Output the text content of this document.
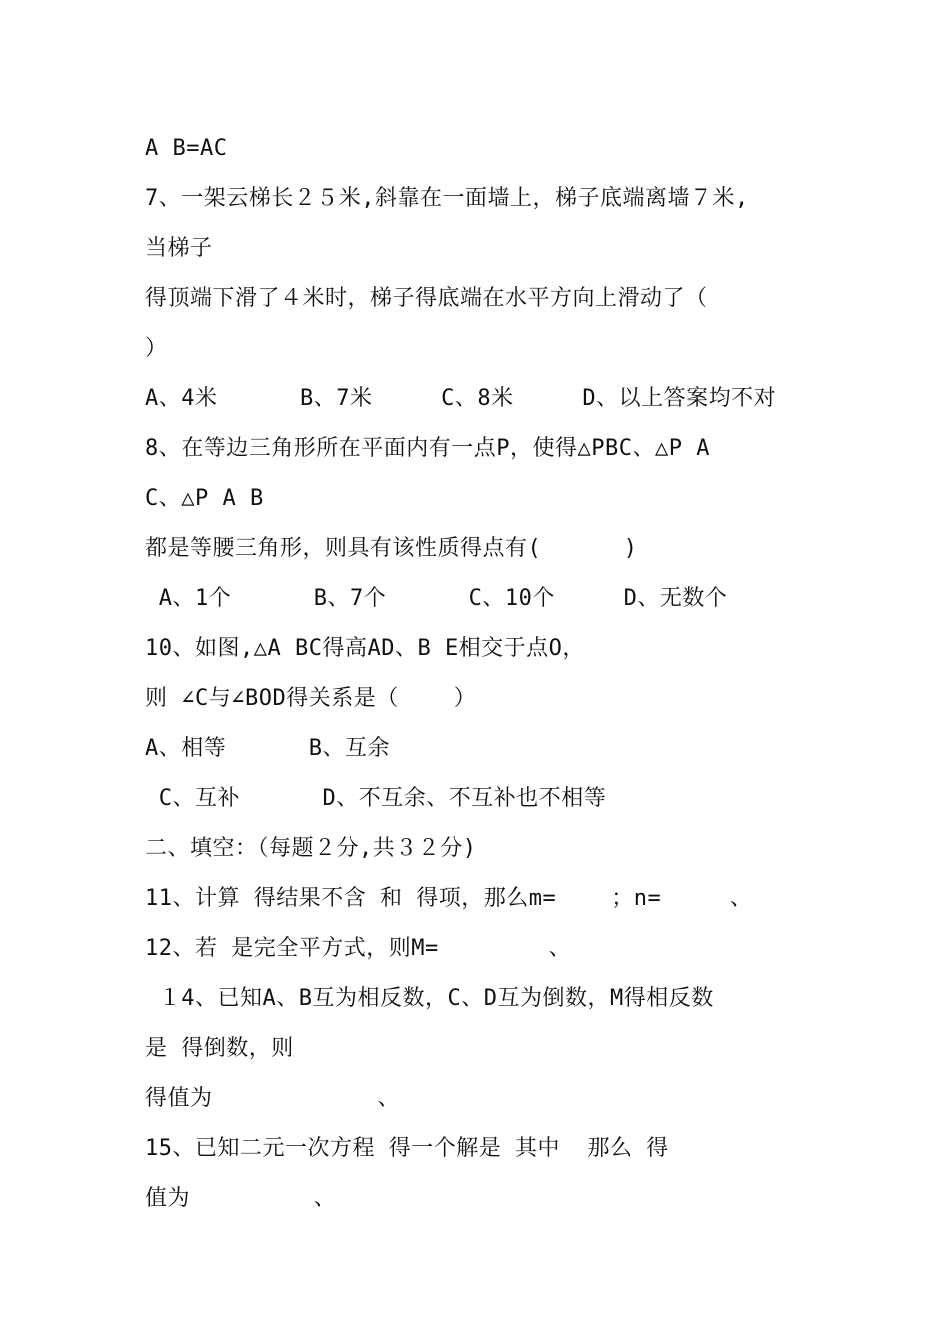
A B=AC
7、一架云梯长２５米,斜靠在一面墙上，梯子底端离墙７米,
当梯子
得顶端下滑了４米时，梯子得底端在水平方向上滑动了（
）
A、4米      B、7米     C、8米     D、以上答案均不对
8、在等边三角形所在平面内有一点P，使得△PBC、△P A
C、△P A B
都是等腰三角形，则具有该性质得点有(      )
A、1个      B、7个      C、10个     D、无数个
10、如图,△A BC得高AD、B E相交于点O，
则 ∠C与∠BOD得关系是（    ）
A、相等      B、互余
C、互补      D、不互余、不互补也不相等
二、填空：（每题２分,共３２分)
11、计算 得结果不含 和 得项，那么m=    ；n=     、
12、若 是完全平方式，则M=        、
１4、已知A、B互为相反数，C、D互为倒数，M得相反数
是 得倒数，则
得值为            、
15、已知二元一次方程 得一个解是 其中  那么 得
值为         、
